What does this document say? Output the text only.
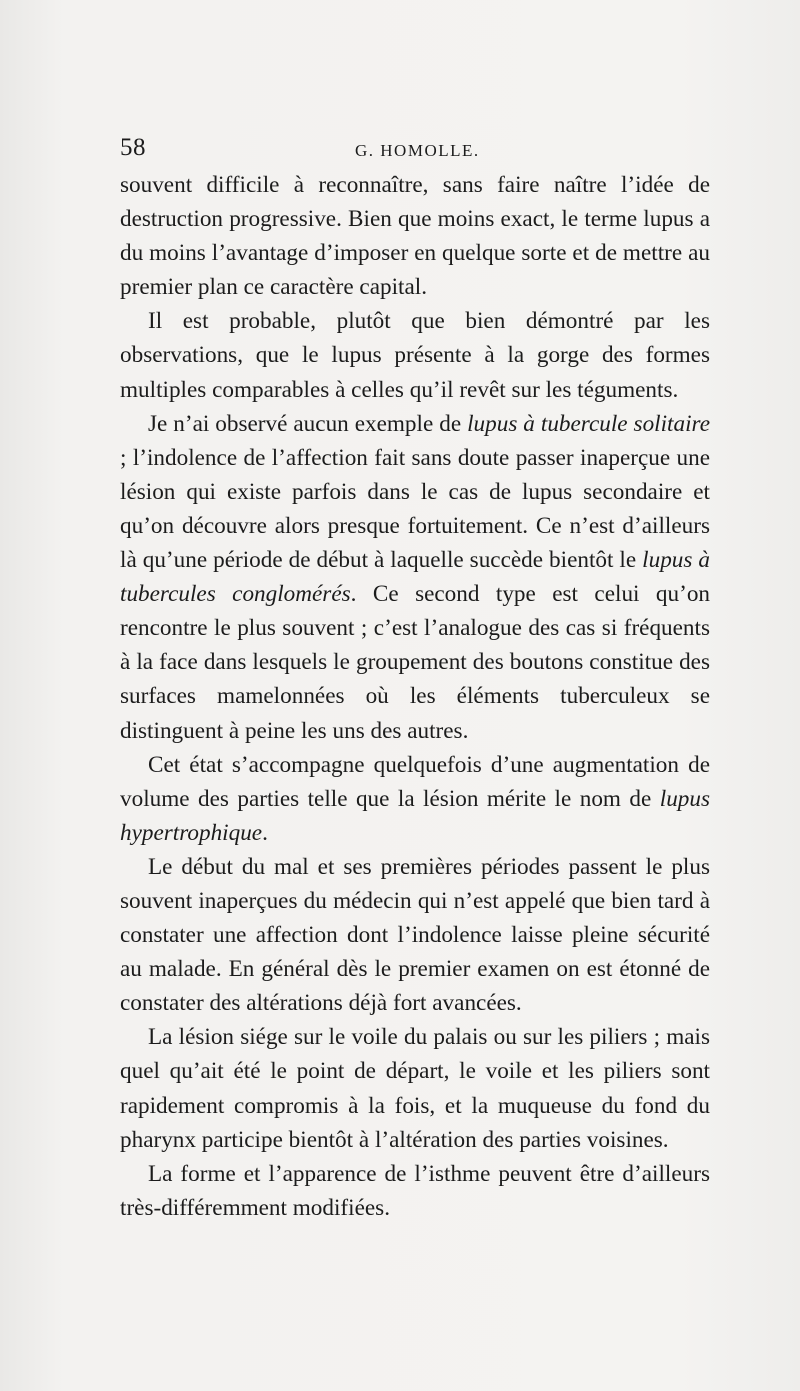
58	G. HOMOLLE.

souvent difficile à reconnaître, sans faire naître l’idée de destruction progressive. Bien que moins exact, le terme lupus a du moins l’avantage d’imposer en quelque sorte et de mettre au premier plan ce caractère capital.

Il est probable, plutôt que bien démontré par les observations, que le lupus présente à la gorge des formes multiples comparables à celles qu’il revêt sur les téguments.

Je n’ai observé aucun exemple de lupus à tubercule solitaire ; l’indolence de l’affection fait sans doute passer inaperçue une lésion qui existe parfois dans le cas de lupus secondaire et qu’on découvre alors presque fortuitement. Ce n’est d’ailleurs là qu’une période de début à laquelle succède bientôt le lupus à tubercules conglomérés. Ce second type est celui qu’on rencontre le plus souvent ; c’est l’analogue des cas si fréquents à la face dans lesquels le groupement des boutons constitue des surfaces mamelonnées où les éléments tuberculeux se distinguent à peine les uns des autres.

Cet état s’accompagne quelquefois d’une augmentation de volume des parties telle que la lésion mérite le nom de lupus hypertrophique.

Le début du mal et ses premières périodes passent le plus souvent inaperçues du médecin qui n’est appelé que bien tard à constater une affection dont l’indolence laisse pleine sécurité au malade. En général dès le premier examen on est étonné de constater des altérations déjà fort avancées.

La lésion siége sur le voile du palais ou sur les piliers ; mais quel qu’ait été le point de départ, le voile et les piliers sont rapidement compromis à la fois, et la muqueuse du fond du pharynx participe bientôt à l’altération des parties voisines.

La forme et l’apparence de l’isthme peuvent être d’ailleurs très-différemment modifiées.
